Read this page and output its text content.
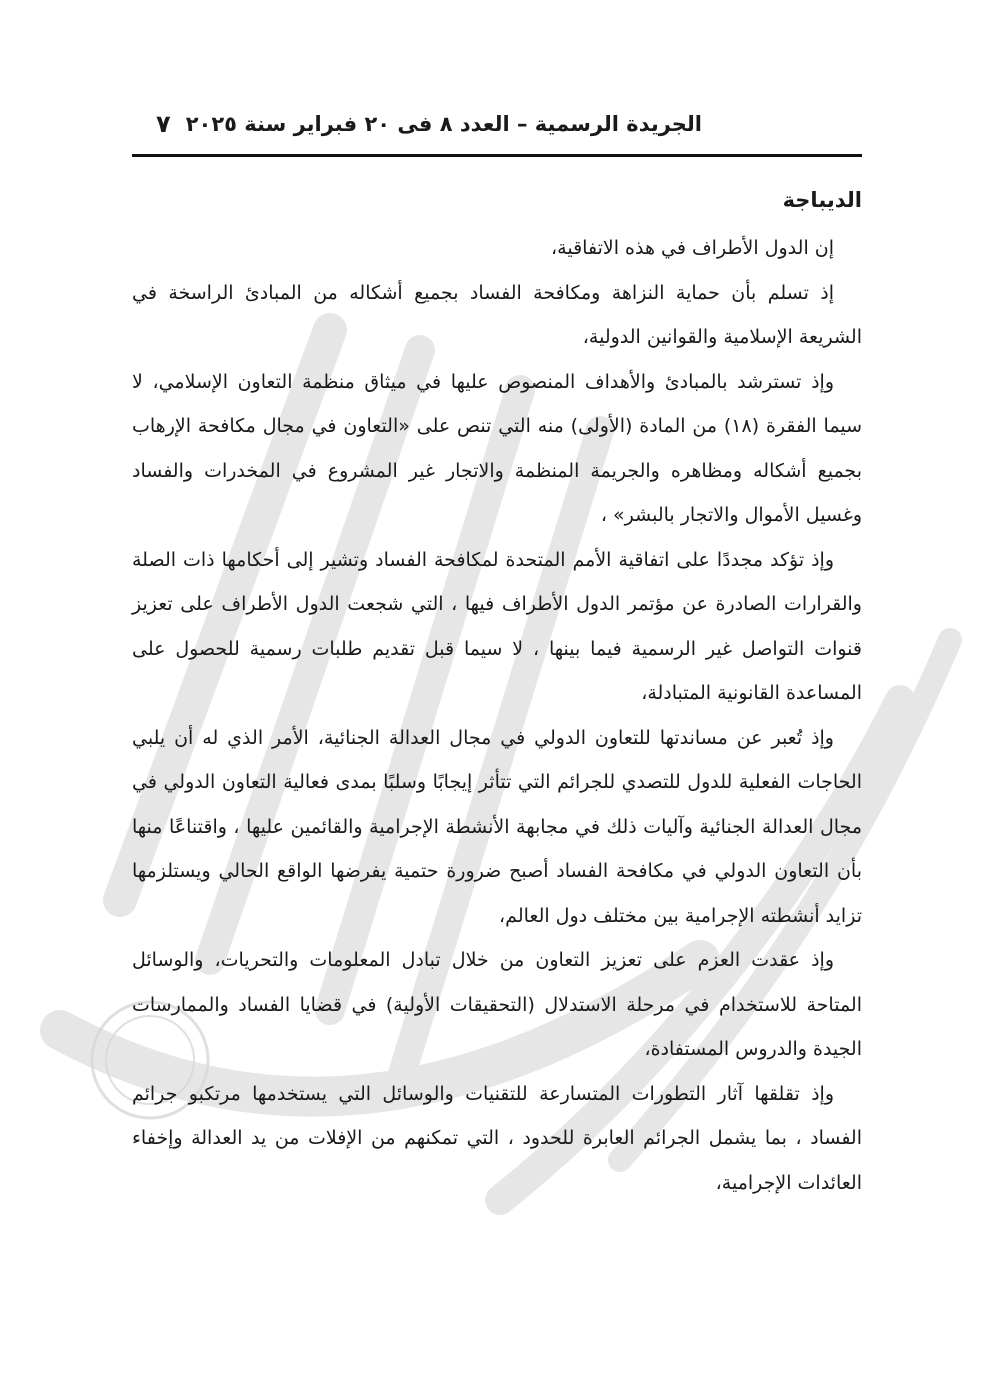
الجريدة الرسمية – العدد ٨ فى ٢٠ فبراير سنة ٢٠٢٥
٧
الديباجة

إن الدول الأطراف في هذه الاتفاقية،

إذ تسلم بأن حماية النزاهة ومكافحة الفساد بجميع أشكاله من المبادئ الراسخة في الشريعة الإسلامية والقوانين الدولية،

وإذ تسترشد بالمبادئ والأهداف المنصوص عليها في ميثاق منظمة التعاون الإسلامي، لا سيما الفقرة (١٨) من المادة (الأولى) منه التي تنص على «التعاون في مجال مكافحة الإرهاب بجميع أشكاله ومظاهره والجريمة المنظمة والاتجار غير المشروع في المخدرات والفساد وغسيل الأموال والاتجار بالبشر» ،

وإذ تؤكد مجددًا على اتفاقية الأمم المتحدة لمكافحة الفساد وتشير إلى أحكامها ذات الصلة والقرارات الصادرة عن مؤتمر الدول الأطراف فيها ، التي شجعت الدول الأطراف على تعزيز قنوات التواصل غير الرسمية فيما بينها ، لا سيما قبل تقديم طلبات رسمية للحصول على المساعدة القانونية المتبادلة،

وإذ تُعبر عن مساندتها للتعاون الدولي في مجال العدالة الجنائية، الأمر الذي له أن يلبي الحاجات الفعلية للدول للتصدي للجرائم التي تتأثر إيجابًا وسلبًا بمدى فعالية التعاون الدولي في مجال العدالة الجنائية وآليات ذلك في مجابهة الأنشطة الإجرامية والقائمين عليها ، واقتناعًا منها بأن التعاون الدولي في مكافحة الفساد أصبح ضرورة حتمية يفرضها الواقع الحالي ويستلزمها تزايد أنشطته الإجرامية بين مختلف دول العالم،

وإذ عقدت العزم على تعزيز التعاون من خلال تبادل المعلومات والتحريات، والوسائل المتاحة للاستخدام في مرحلة الاستدلال (التحقيقات الأولية) في قضايا الفساد والممارسات الجيدة والدروس المستفادة،

وإذ تقلقها آثار التطورات المتسارعة للتقنيات والوسائل التي يستخدمها مرتكبو جرائم الفساد ، بما يشمل الجرائم العابرة للحدود ، التي تمكنهم من الإفلات من يد العدالة وإخفاء العائدات الإجرامية،
